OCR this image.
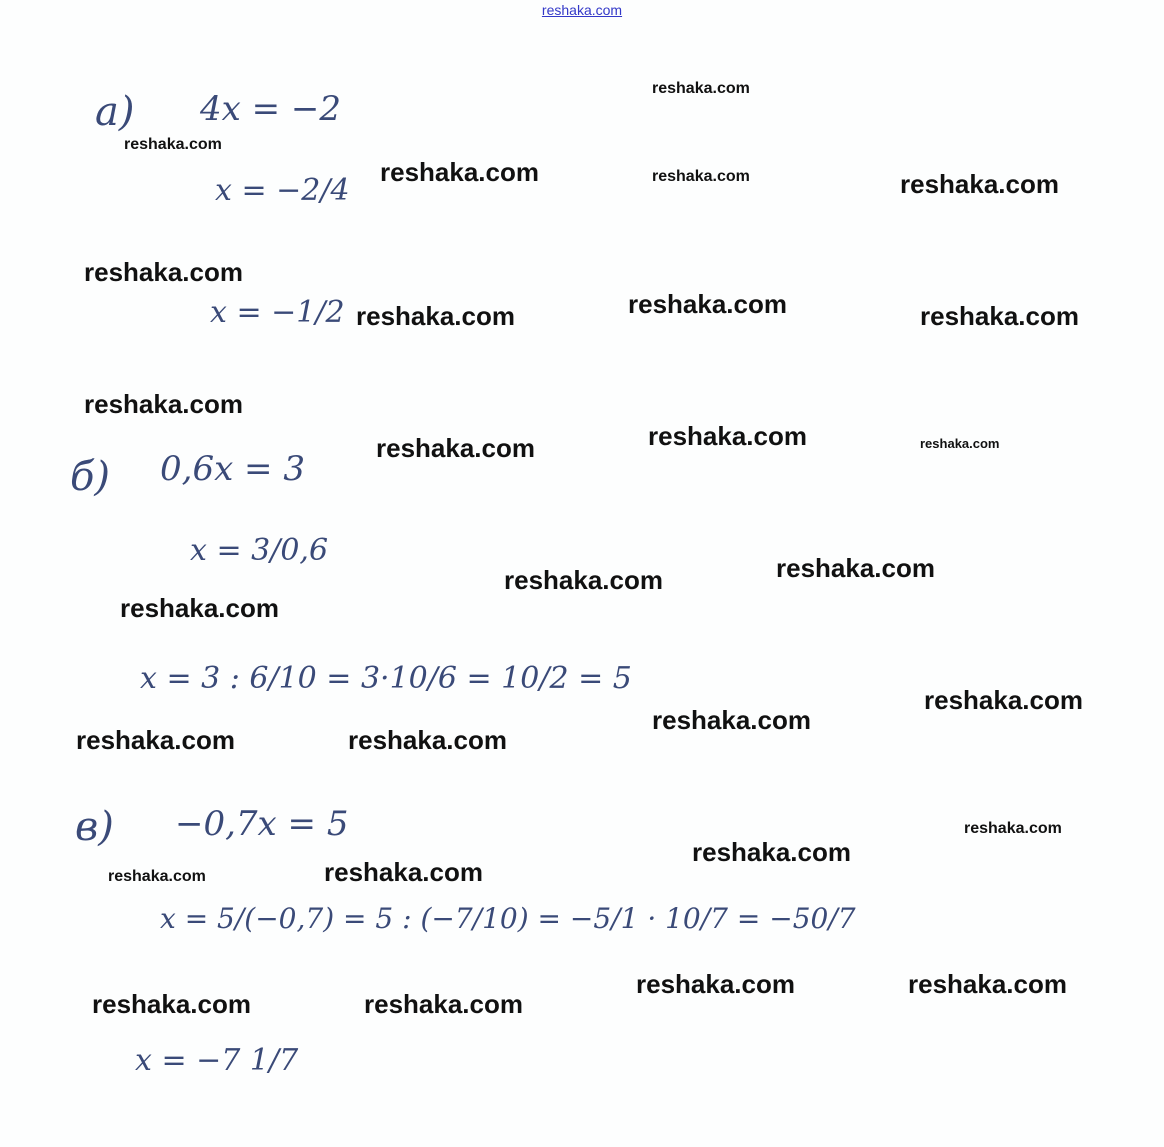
reshaka.com
a) 4x = −2
x = −2/4
x = −1/2
б) 0,6x = 3
x = 3/0,6
x = 3 : 6/10 = 3·10/6 = 10/2 = 5
в) −0,7x = 5
x = 5/(−0,7) = 5 : (−7/10) = −5/1 · 10/7 = −50/7
x = −7 1/7
reshaka.com
reshaka.com
reshaka.com	reshaka.com	reshaka.com
reshaka.com
reshaka.com
reshaka.com	reshaka.com
reshaka.com
reshaka.com	reshaka.com
reshaka.com
reshaka.com
reshaka.com
reshaka.com
reshaka.com
reshaka.com
reshaka.com	reshaka.com
reshaka.com
reshaka.com
reshaka.com	reshaka.com
reshaka.com	reshaka.com
reshaka.com	reshaka.com
